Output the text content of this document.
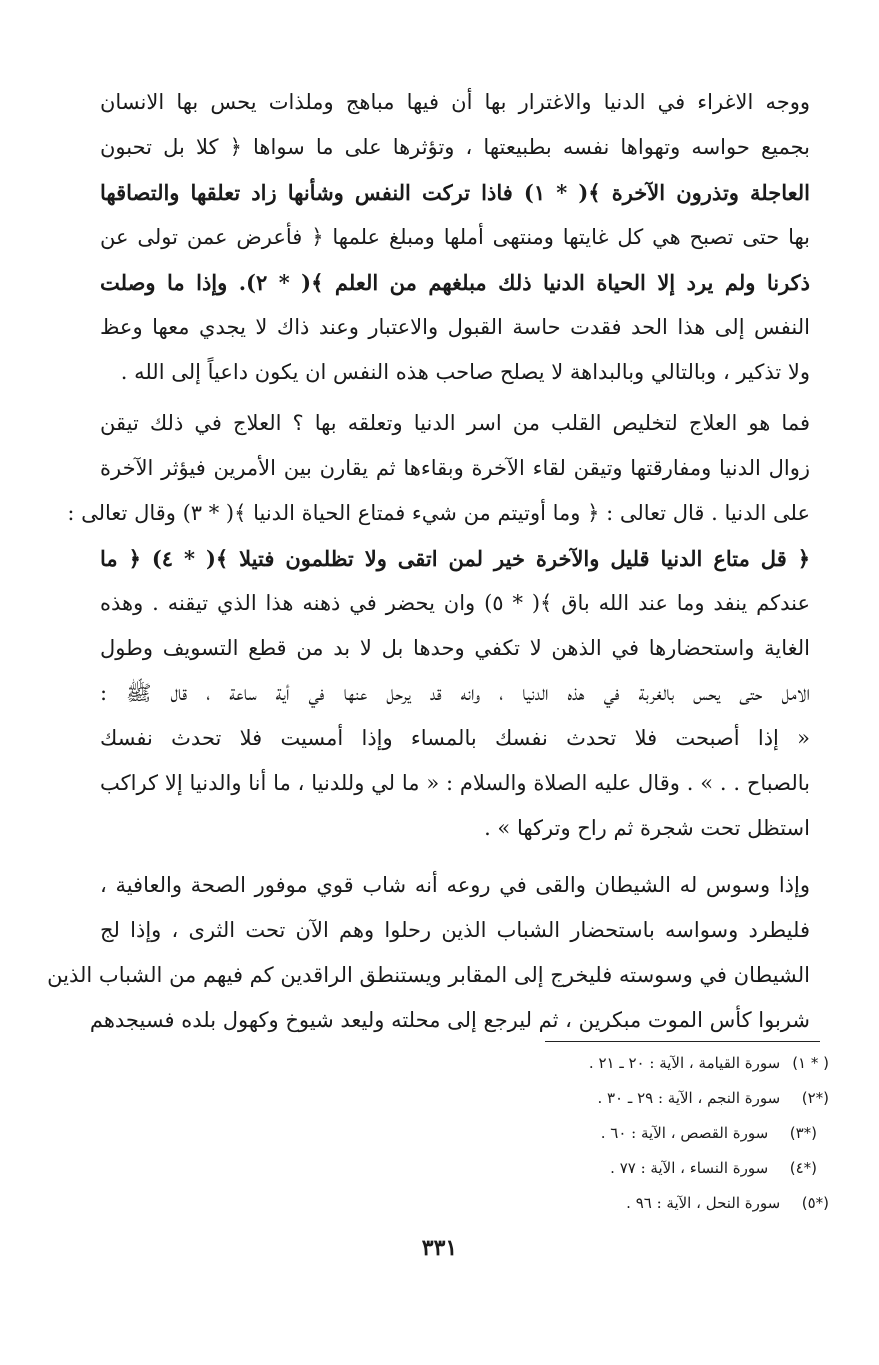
ووجه الاغراء في الدنيا والاغترار بها أن فيها مباهج وملذات يحس بها الانسان
بجميع حواسه وتهواها نفسه بطبيعتها ، وتؤثرها على ما سواها ﴿ كلا بل تحبون
العاجلة وتذرون الآخرة ﴾( * ١) فاذا تركت النفس وشأنها زاد تعلقها والتصاقها
بها حتى تصبح هي كل غايتها ومنتهى أملها ومبلغ علمها ﴿ فأعرض عمن تولى عن
ذكرنا ولم يرد إلا الحياة الدنيا ذلك مبلغهم من العلم ﴾( * ٢). وإذا ما وصلت
النفس إلى هذا الحد فقدت حاسة القبول والاعتبار وعند ذاك لا يجدي معها وعظ
ولا تذكير ، وبالتالي وبالبداهة لا يصلح صاحب هذه النفس ان يكون داعياً إلى الله .
فما هو العلاج لتخليص القلب من اسر الدنيا وتعلقه بها ؟ العلاج في ذلك تيقن
زوال الدنيا ومفارقتها وتيقن لقاء الآخرة وبقاءها ثم يقارن بين الأمرين فيؤثر الآخرة
على الدنيا . قال تعالى : ﴿ وما أوتيتم من شيء فمتاع الحياة الدنيا ﴾( * ٣) وقال تعالى :
﴿ قل متاع الدنيا قليل والآخرة خير لمن اتقى ولا تظلمون فتيلا ﴾( * ٤) ﴿ ما
عندكم ينفد وما عند الله باق ﴾( * ٥) وان يحضر في ذهنه هذا الذي تيقنه . وهذه
الغاية واستحضارها في الذهن لا تكفي وحدها بل لا بد من قطع التسويف وطول
الامل حتى يحس بالغربة في هذه الدنيا ، وانه قد يرحل عنها في أية ساعة ، قال ﷺ :
« إذا أصبحت فلا تحدث نفسك بالمساء وإذا أمسيت فلا تحدث نفسك
بالصباح . . » . وقال عليه الصلاة والسلام : « ما لي وللدنيا ، ما أنا والدنيا إلا كراكب
استظل تحت شجرة ثم راح وتركها » .
وإذا وسوس له الشيطان والقى في روعه أنه شاب قوي موفور الصحة والعافية ،
فليطرد وسواسه باستحضار الشباب الذين رحلوا وهم الآن تحت الثرى ، وإذا لج
الشيطان في وسوسته فليخرج إلى المقابر ويستنطق الراقدين كم فيهم من الشباب الذين
شربوا كأس الموت مبكرين ، ثم ليرجع إلى محلته وليعد شيوخ وكهول بلده فسيجدهم
( * ١) سورة القيامة ، الآية : ٢٠ ـ ٢١ .
(*٢) سورة النجم ، الآية : ٢٩ ـ ٣٠ .
(*٣) سورة القصص ، الآية : ٦٠ .
(*٤) سورة النساء ، الآية : ٧٧ .
(*٥) سورة النحل ، الآية : ٩٦ .
٣٣١
